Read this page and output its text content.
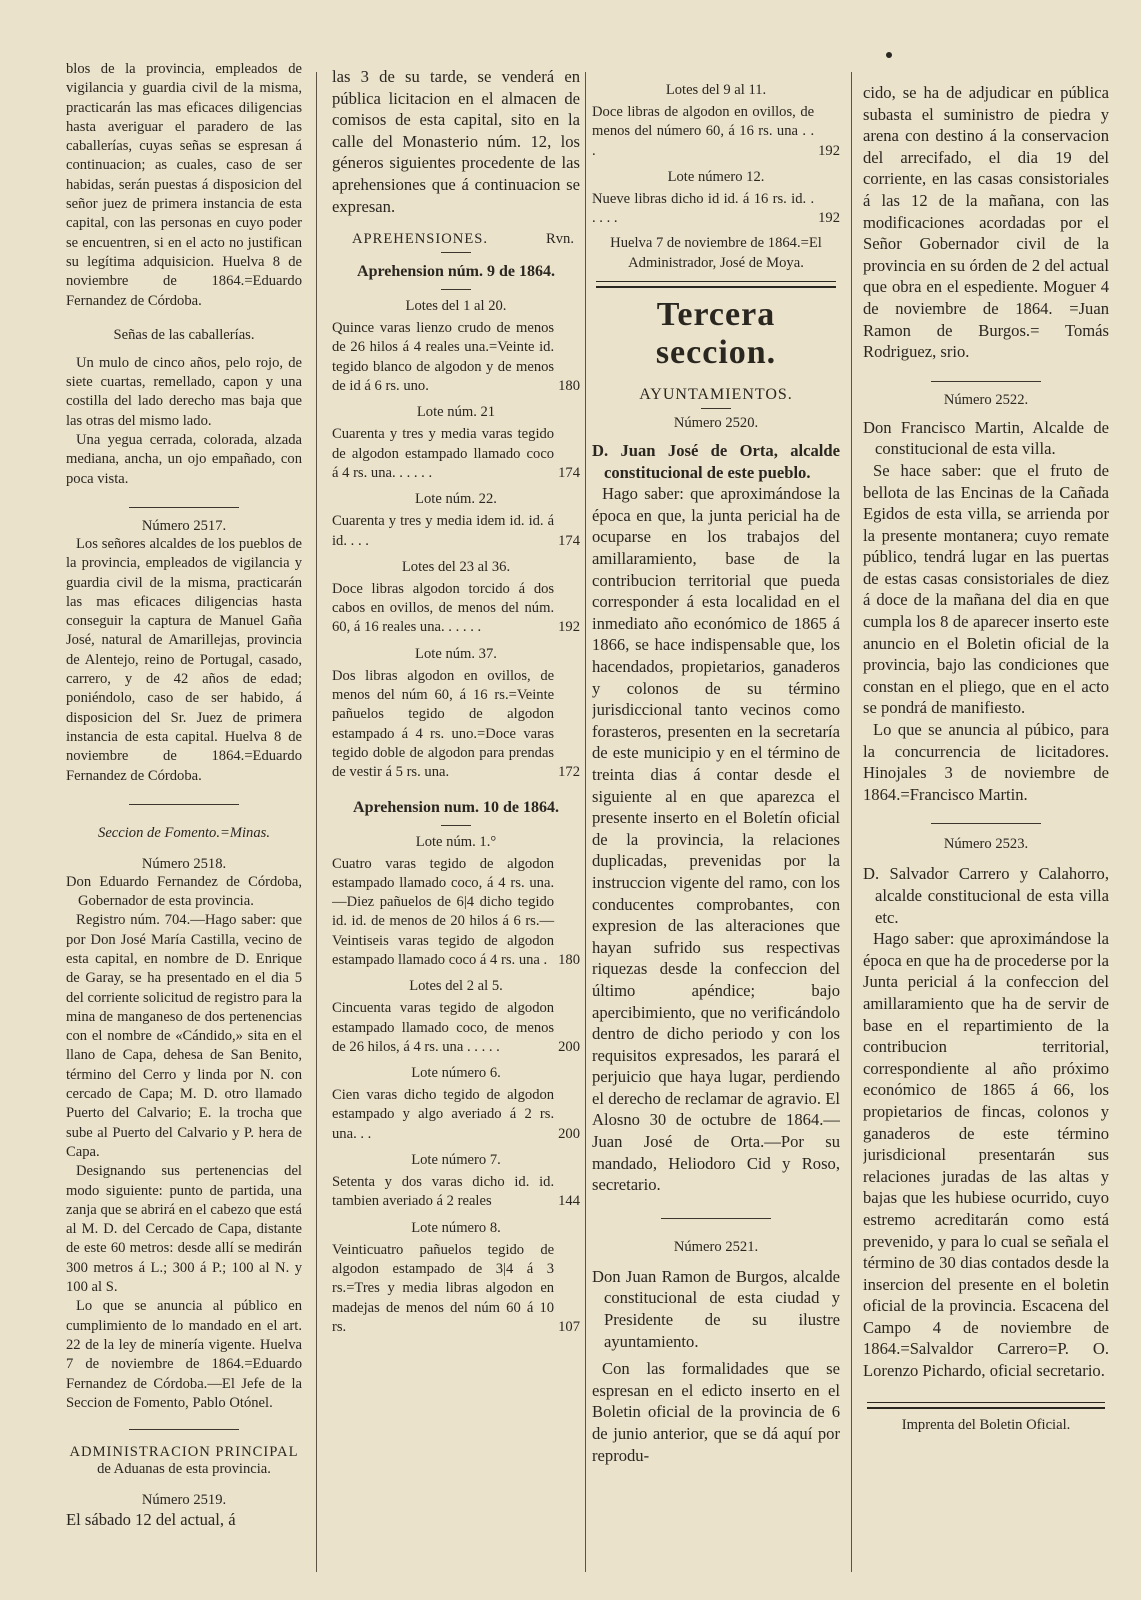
blos de la provincia, empleados de vigilancia y guardia civil de la misma, practicarán las mas eficaces diligencias hasta averiguar el paradero de las caballerías, cuyas señas se espresan á continuacion; as cuales, caso de ser habidas, serán puestas á disposicion del señor juez de primera instancia de esta capital, con las personas en cuyo poder se encuentren, si en el acto no justifican su legítima adquisicion. Huelva 8 de noviembre de 1864.=Eduardo Fernandez de Córdoba.

Señas de las caballerías.

Un mulo de cinco años, pelo rojo, de siete cuartas, remellado, capon y una costilla del lado derecho mas baja que las otras del mismo lado.

Una yegua cerrada, colorada, alzada mediana, ancha, un ojo empañado, con poca vista.

Número 2517.

Los señores alcaldes de los pueblos de la provincia, empleados de vigilancia y guardia civil de la misma, practicarán las mas eficaces diligencias hasta conseguir la captura de Manuel Gaña José, natural de Amarillejas, provincia de Alentejo, reino de Portugal, casado, carrero, y de 42 años de edad; poniéndolo, caso de ser habido, á disposicion del Sr. Juez de primera instancia de esta capital. Huelva 8 de noviembre de 1864.=Eduardo Fernandez de Córdoba.

Seccion de Fomento.=Minas.

Número 2518.

Don Eduardo Fernandez de Córdoba, Gobernador de esta provincia.

Registro núm. 704.—Hago saber: que por Don José María Castilla, vecino de esta capital, en nombre de D. Enrique de Garay, se ha presentado en el dia 5 del corriente solicitud de registro para la mina de manganeso de dos pertenencias con el nombre de «Cándido,» sita en el llano de Capa, dehesa de San Benito, término del Cerro y linda por N. con cercado de Capa; M. D. otro llamado Puerto del Calvario; E. la trocha que sube al Puerto del Calvario y P. hera de Capa.

Designando sus pertenencias del modo siguiente: punto de partida, una zanja que se abrirá en el cabezo que está al M. D. del Cercado de Capa, distante de este 60 metros: desde allí se medirán 300 metros á L.; 300 á P.; 100 al N. y 100 al S.

Lo que se anuncia al público en cumplimiento de lo mandado en el art. 22 de la ley de minería vigente. Huelva 7 de noviembre de 1864.=Eduardo Fernandez de Córdoba.—El Jefe de la Seccion de Fomento, Pablo Otónel.

ADMINISTRACION PRINCIPAL

de Aduanas de esta provincia.

Número 2519.

El sábado 12 del actual, á

las 3 de su tarde, se venderá en pública licitacion en el almacen de comisos de esta capital, sito en la calle del Monasterio núm. 12, los géneros siguientes procedente de las aprehensiones que á continuacion se expresan.

APREHENSIONES.	Rvn.

Aprehension núm. 9 de 1864.

Lotes del 1 al 20.

Quince varas lienzo crudo de menos de 26 hilos á 4 reales una.=Veinte id. tegido blanco de algodon y de menos de id á 6 rs. uno.	180

Lote núm. 21

Cuarenta y tres y media varas tegido de algodon estampado llamado coco á 4 rs. una. . . . . .	174

Lote núm. 22.

Cuarenta y tres y media idem id. id. á id. . . .	174

Lotes del 23 al 36.

Doce libras algodon torcido á dos cabos en ovillos, de menos del núm. 60, á 16 reales una. . . . . .	192

Lote núm. 37.

Dos libras algodon en ovillos, de menos del núm 60, á 16 rs.=Veinte pañuelos tegido de algodon estampado á 4 rs. uno.=Doce varas tegido doble de algodon para prendas de vestir á 5 rs. una.	172

Aprehension num. 10 de 1864.

Lote núm. 1.°

Cuatro varas tegido de algodon estampado llamado coco, á 4 rs. una.—Diez pañuelos de 6|4 dicho tegido id. id. de menos de 20 hilos á 6 rs.—Veintiseis varas tegido de algodon estampado llamado coco á 4 rs. una . 180

Lotes del 2 al 5.

Cincuenta varas tegido de algodon estampado llamado coco, de menos de 26 hilos, á 4 rs. una . . . . .	200

Lote número 6.

Cien varas dicho tegido de algodon estampado y algo averiado á 2 rs. una. . .	200

Lote número 7.

Setenta y dos varas dicho id. id. tambien averiado á 2 reales	144

Lote número 8.

Veinticuatro pañuelos tegido de algodon estampado de 3|4 á 3 rs.=Tres y media libras algodon en madejas de menos del núm 60 á 10 rs.	107

Lotes del 9 al 11.

Doce libras de algodon en ovillos, de menos del número 60, á 16 rs. una . . .	192

Lote número 12.

Nueve libras dicho id id. á 16 rs. id. . . . . .	192

Huelva 7 de noviembre de 1864.=El Administrador, José de Moya.

Tercera seccion.

AYUNTAMIENTOS.

Número 2520.

D. Juan José de Orta, alcalde constitucional de este pueblo.

Hago saber: que aproximándose la época en que, la junta pericial ha de ocuparse en los trabajos del amillaramiento, base de la contribucion territorial que pueda corresponder á esta localidad en el inmediato año económico de 1865 á 1866, se hace indispensable que, los hacendados, propietarios, ganaderos y colonos de su término jurisdiccional tanto vecinos como forasteros, presenten en la secretaría de este municipio y en el término de treinta dias á contar desde el siguiente al en que aparezca el presente inserto en el Boletín oficial de la provincia, la relaciones duplicadas, prevenidas por la instruccion vigente del ramo, con los conducentes comprobantes, con expresion de las alteraciones que hayan sufrido sus respectivas riquezas desde la confeccion del último apéndice; bajo apercibimiento, que no verificándolo dentro de dicho periodo y con los requisitos expresados, les parará el perjuicio que haya lugar, perdiendo el derecho de reclamar de agravio. El Alosno 30 de octubre de 1864.—Juan José de Orta.—Por su mandado, Heliodoro Cid y Roso, secretario.

Número 2521.

Don Juan Ramon de Burgos, alcalde constitucional de esta ciudad y Presidente de su ilustre ayuntamiento.

Con las formalidades que se espresan en el edicto inserto en el Boletin oficial de la provincia de 6 de junio anterior, que se dá aquí por reprodu-

cido, se ha de adjudicar en pública subasta el suministro de piedra y arena con destino á la conservacion del arrecifado, el dia 19 del corriente, en las casas consistoriales á las 12 de la mañana, con las modificaciones acordadas por el Señor Gobernador civil de la provincia en su órden de 2 del actual que obra en el espediente. Moguer 4 de noviembre de 1864. =Juan Ramon de Burgos.= Tomás Rodriguez, srio.

Número 2522.

Don Francisco Martin, Alcalde de constitucional de esta villa.

Se hace saber: que el fruto de bellota de las Encinas de la Cañada Egidos de esta villa, se arrienda por la presente montanera; cuyo remate público, tendrá lugar en las puertas de estas casas consistoriales de diez á doce de la mañana del dia en que cumpla los 8 de aparecer inserto este anuncio en el Boletin oficial de la provincia, bajo las condiciones que constan en el pliego, que en el acto se pondrá de manifiesto.

Lo que se anuncia al púbico, para la concurrencia de licitadores. Hinojales 3 de noviembre de 1864.=Francisco Martin.

Número 2523.

D. Salvador Carrero y Calahorro, alcalde constitucional de esta villa etc.

Hago saber: que aproximándose la época en que ha de procederse por la Junta pericial á la confeccion del amillaramiento que ha de servir de base en el repartimiento de la contribucion territorial, correspondiente al año próximo económico de 1865 á 66, los propietarios de fincas, colonos y ganaderos de este término jurisdicional presentarán sus relaciones juradas de las altas y bajas que les hubiese ocurrido, cuyo estremo acreditarán como está prevenido, y para lo cual se señala el término de 30 dias contados desde la insercion del presente en el boletin oficial de la provincia. Escacena del Campo 4 de noviembre de 1864.=Salvaldor Carrero=P. O. Lorenzo Pichardo, oficial secretario.

Imprenta del Boletin Oficial.
